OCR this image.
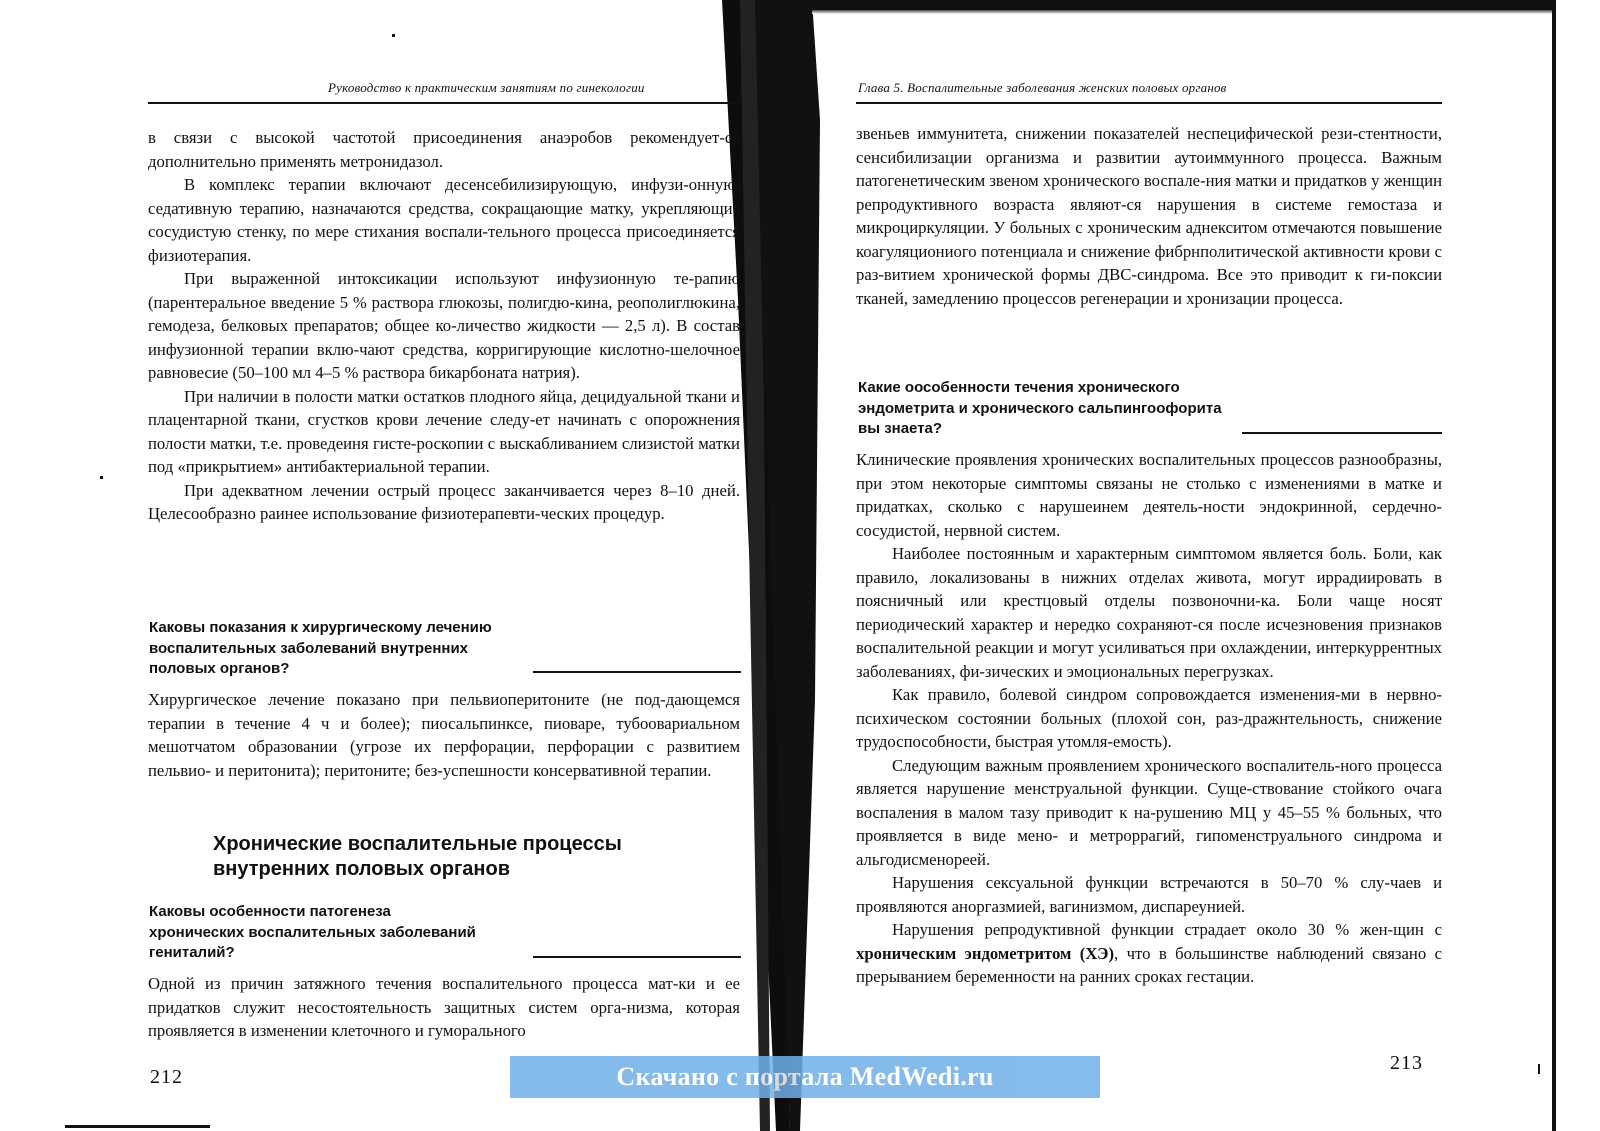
Руководство к практическим занятиям по гинекологии

в связи с высокой частотой присоединения анаэробов рекомендует-ся дополнительно применять метронидазол.

В комплекс терапии включают десенсебилизирующую, инфузи-онную, седативную терапию, назначаются средства, сокращающие матку, укрепляющие сосудистую стенку, по мере стихания воспали-тельного процесса присоединяется физиотерапия.

При выраженной интоксикации используют инфузионную те-рапию (парентеральное введение 5 % раствора глюкозы, полигдю-кина, реополиглюкина, гемодеза, белковых препаратов; общее ко-личество жидкости — 2,5 л). В состав инфузионной терапии вклю-чают средства, корригирующие кислотно-шелочное равновесие (50–100 мл 4–5 % раствора бикарбоната натрия).

При наличии в полости матки остатков плодного яйца, децидуальной ткани и плацентарной ткани, сгустков крови лечение следу-ет начинать с опорожнения полости матки, т.е. проведеиня гисте-роскопии с выскабливанием слизистой матки под «прикрытием» антибактериальной терапии.

При адекватном лечении острый процесс заканчивается через 8–10 дней. Целесообразно раинее использование физиотерапевти-ческих процедур.

Каковы показания к хирургическому лечению воспалительных заболеваний внутренних половых органов?

Хирургическое лечение показано при пельвиоперитоните (не под-дающемся терапии в течение 4 ч и более); пиосальпинксе, пиоваре, тубоовариальном мешотчатом образовании (угрозе их перфорации, перфорации с развитием пельвио- и перитонита); перитоните; без-успешности консервативной терапии.

Хронические воспалительные процессы внутренних половых органов
Каковы особенности патогенеза хронических воспалительных заболеваний гениталий?

Одной из причин затяжного течения воспалительного процесса мат-ки и ее придатков служит несостоятельность защитных систем орга-низма, которая проявляется в изменении клеточного и гуморального

212
Глава 5. Воспалительные заболевания женских половых органов

звеньев иммунитета, снижении показателей неспецифической рези-стентности, сенсибилизации организма и развитии аутоиммунного процесса. Важным патогенетическим звеном хронического воспале-ния матки и придатков у женщин репродуктивного возраста являют-ся нарушения в системе гемостаза и микроциркуляции. У больных с хроническим аднекситом отмечаются повышение коагуляциониого потенциала и снижение фибрнполитической активности крови с раз-витием хронической формы ДВС-синдрома. Все это приводит к ги-поксии тканей, замедлению процессов регенерации и хронизации процесса.

Какие оособенности течения хронического эндометрита и хронического сальпингоофорита вы знаета?

Клинические проявления хронических воспалительных процессов разнообразны, при этом некоторые симптомы связаны не столько с изменениями в матке и придатках, сколько с нарушеинем деятель-ности эндокринной, сердечно-сосудистой, нервной систем.

Наиболее постоянным и характерным симптомом является боль. Боли, как правило, локализованы в нижних отделах живота, могут иррадиировать в поясничный или крестцовый отделы позвоночни-ка. Боли чаще носят периодический характер и нередко сохраняют-ся после исчезновения признаков воспалительной реакции и могут усиливаться при охлаждении, интеркуррентных заболеваниях, фи-зических и эмоциональных перегрузках.

Как правило, болевой синдром сопровождается изменения-ми в нервно-психическом состоянии больных (плохой сон, раз-дражнтельность, снижение трудоспособности, быстрая утомля-емость).

Следующим важным проявлением хронического воспалитель-ного процесса является нарушение менструальной функции. Суще-ствование стойкого очага воспаления в малом тазу приводит к на-рушению МЦ у 45–55 % больных, что проявляется в виде мено- и метроррагий, гипоменструального синдрома и альгодисменореей.

Нарушения сексуальной функции встречаются в 50–70 % слу-чаев и проявляются аноргазмией, вагинизмом, диспареунией.

Нарушения репродуктивной функции страдает около 30 % жен-щин с хроническим эндометритом (ХЭ), что в большинстве наблюдений связано с прерыванием беременности на ранних сроках гестации.

213
Скачано с портала MedWedi.ru
